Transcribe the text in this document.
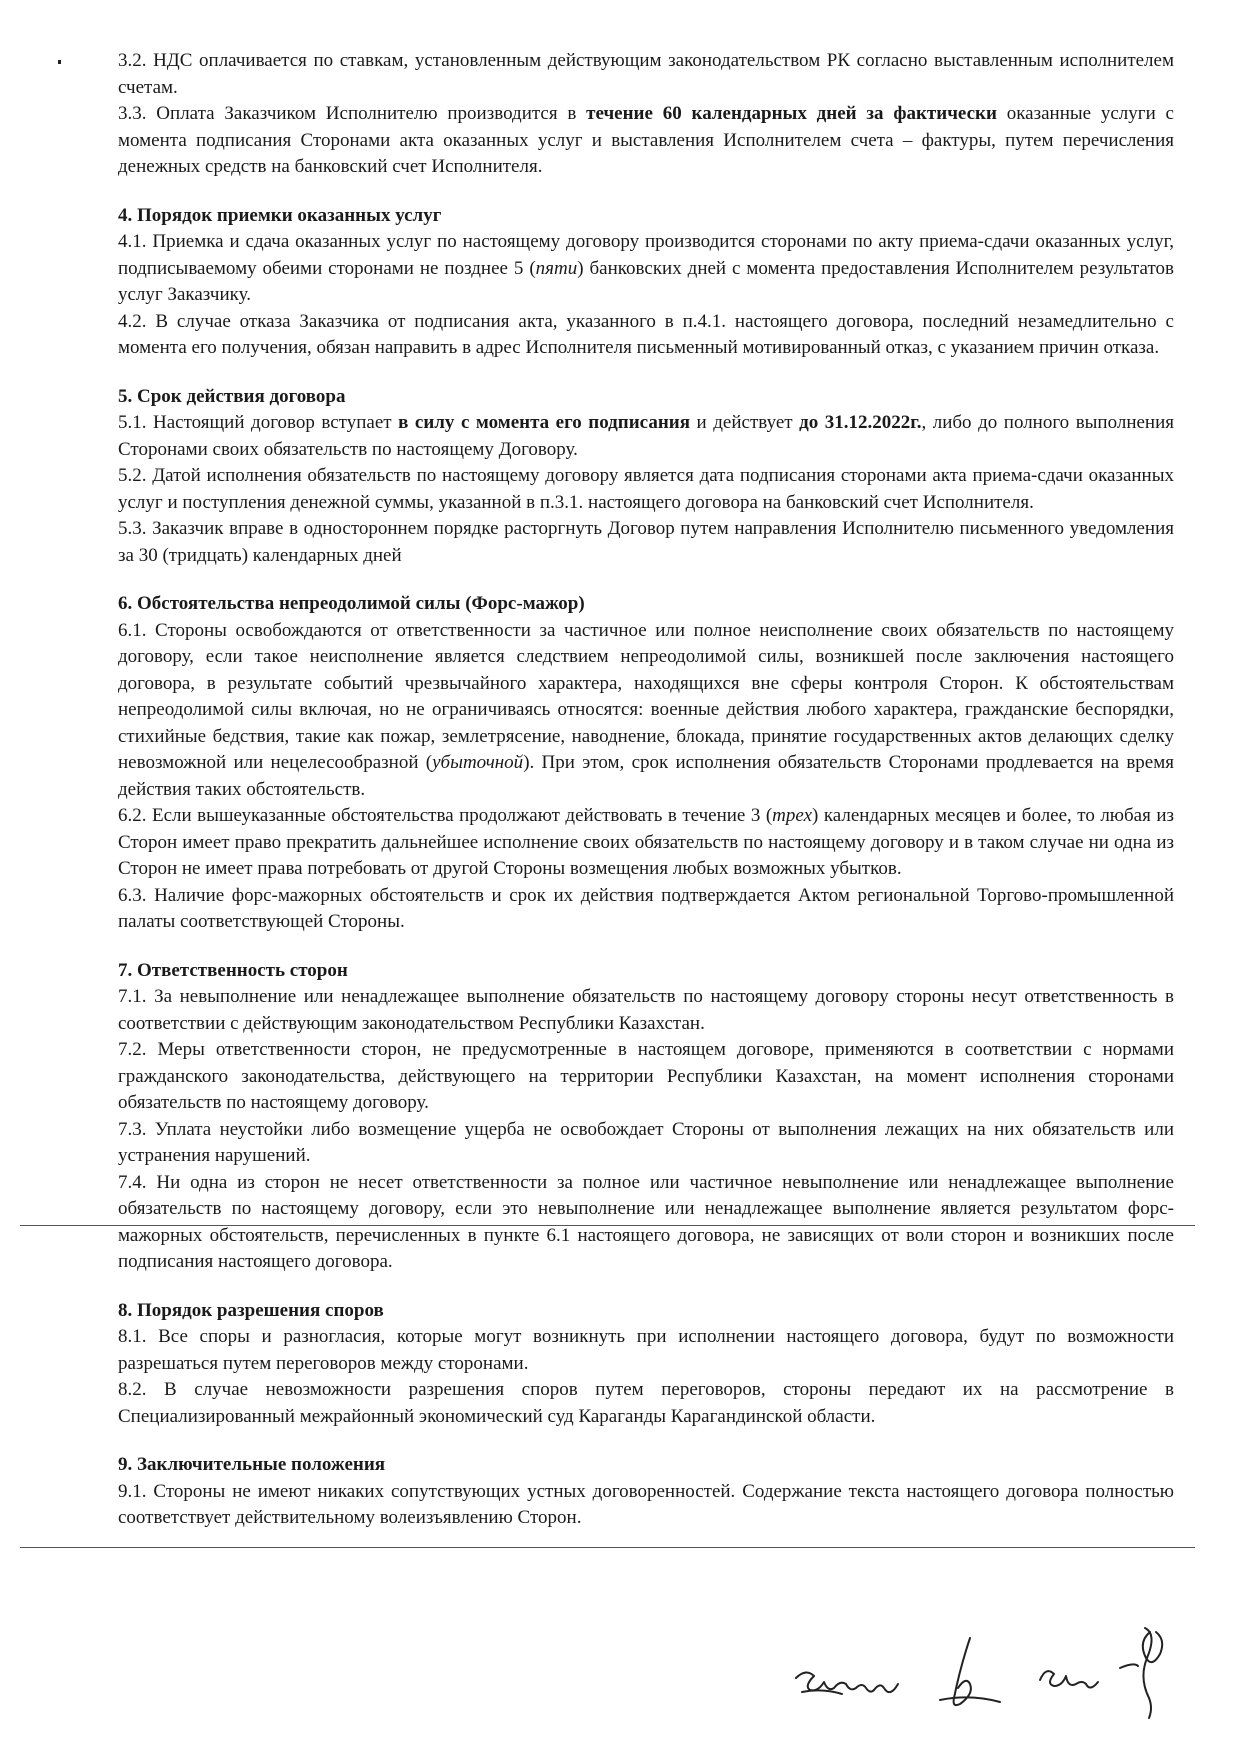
3.2. НДС оплачивается по ставкам, установленным действующим законодательством РК согласно выставленным исполнителем счетам.

3.3. Оплата Заказчиком Исполнителю производится в течение 60 календарных дней за фактически оказанные услуги с момента подписания Сторонами акта оказанных услуг и выставления Исполнителем счета – фактуры, путем перечисления денежных средств на банковский счет Исполнителя.

4. Порядок приемки оказанных услуг

4.1. Приемка и сдача оказанных услуг по настоящему договору производится сторонами по акту приема-сдачи оказанных услуг, подписываемому обеими сторонами не позднее 5 (пяти) банковских дней с момента предоставления Исполнителем результатов услуг Заказчику.

4.2. В случае отказа Заказчика от подписания акта, указанного в п.4.1. настоящего договора, последний незамедлительно с момента его получения, обязан направить в адрес Исполнителя письменный мотивированный отказ, с указанием причин отказа.

5. Срок действия договора

5.1. Настоящий договор вступает в силу с момента его подписания и действует до 31.12.2022г., либо до полного выполнения Сторонами своих обязательств по настоящему Договору.

5.2. Датой исполнения обязательств по настоящему договору является дата подписания сторонами акта приема-сдачи оказанных услуг и поступления денежной суммы, указанной в п.3.1. настоящего договора на банковский счет Исполнителя.

5.3. Заказчик вправе в одностороннем порядке расторгнуть Договор путем направления Исполнителю письменного уведомления за 30 (тридцать) календарных дней

6. Обстоятельства непреодолимой силы (Форс-мажор)

6.1. Стороны освобождаются от ответственности за частичное или полное неисполнение своих обязательств по настоящему договору, если такое неисполнение является следствием непреодолимой силы, возникшей после заключения настоящего договора, в результате событий чрезвычайного характера, находящихся вне сферы контроля Сторон. К обстоятельствам непреодолимой силы включая, но не ограничиваясь относятся: военные действия любого характера, гражданские беспорядки, стихийные бедствия, такие как пожар, землетрясение, наводнение, блокада, принятие государственных актов делающих сделку невозможной или нецелесообразной (убыточной). При этом, срок исполнения обязательств Сторонами продлевается на время действия таких обстоятельств.

6.2. Если вышеуказанные обстоятельства продолжают действовать в течение 3 (трех) календарных месяцев и более, то любая из Сторон имеет право прекратить дальнейшее исполнение своих обязательств по настоящему договору и в таком случае ни одна из Сторон не имеет права потребовать от другой Стороны возмещения любых возможных убытков.

6.3. Наличие форс-мажорных обстоятельств и срок их действия подтверждается Актом региональной Торгово-промышленной палаты соответствующей Стороны.

7. Ответственность сторон

7.1. За невыполнение или ненадлежащее выполнение обязательств по настоящему договору стороны несут ответственность в соответствии с действующим законодательством Республики Казахстан.

7.2. Меры ответственности сторон, не предусмотренные в настоящем договоре, применяются в соответствии с нормами гражданского законодательства, действующего на территории Республики Казахстан, на момент исполнения сторонами обязательств по настоящему договору.

7.3. Уплата неустойки либо возмещение ущерба не освобождает Стороны от выполнения лежащих на них обязательств или устранения нарушений.

7.4. Ни одна из сторон не несет ответственности за полное или частичное невыполнение или ненадлежащее выполнение обязательств по настоящему договору, если это невыполнение или ненадлежащее выполнение является результатом форс-мажорных обстоятельств, перечисленных в пункте 6.1 настоящего договора, не зависящих от воли сторон и возникших после подписания настоящего договора.

8. Порядок разрешения споров

8.1. Все споры и разногласия, которые могут возникнуть при исполнении настоящего договора, будут по возможности разрешаться путем переговоров между сторонами.

8.2. В случае невозможности разрешения споров путем переговоров, стороны передают их на рассмотрение в Специализированный межрайонный экономический суд Караганды Карагандинской области.

9. Заключительные положения

9.1. Стороны не имеют никаких сопутствующих устных договоренностей. Содержание текста настоящего договора полностью соответствует действительному волеизъявлению Сторон.
